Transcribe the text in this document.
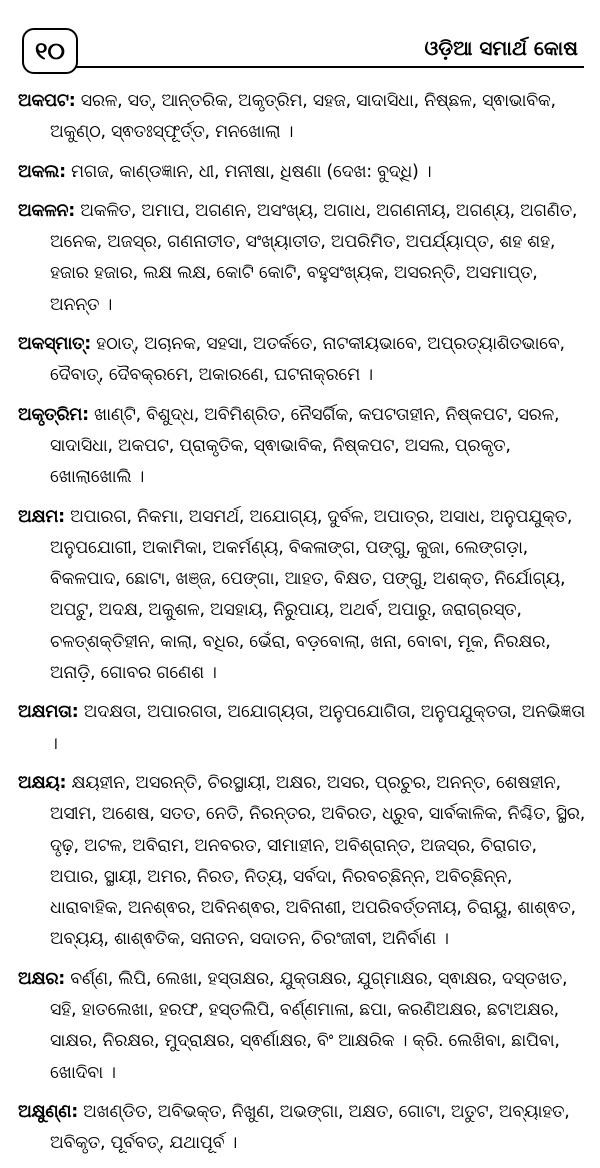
୧୦	ଓଡ଼ିଆ ସମାର୍ଥ କୋଷ

ଅକପଟ: ସରଳ, ସତ୍, ଆନ୍ତରିକ, ଅକୃତ୍ରିମ, ସହଜ, ସାଦାସିଧା, ନିଷ୍ଛଳ, ସ୍ଵାଭାବିକ, ଅକୁଣ୍ଠ, ସ୍ଵତଃସ୍ଫୂର୍ତ୍ତ, ମନଖୋଲା ।

ଅକଲ: ମଗଜ, କାଣ୍ଡଜ୍ଞାନ, ଧୀ, ମନୀଷା, ଧିଷଣା (ଦେଖ: ବୁଦ୍ଧି) ।

ଅକଳନ: ଅକଳିତ, ଅମାପ, ଅଗଣନ, ଅସଂଖ୍ୟ, ଅଗାଧ, ଅଗଣନୀୟ, ଅଗଣ୍ୟ, ଅଗଣିତ, ଅନେକ, ଅଜସ୍ର, ଗଣନାତୀତ, ସଂଖ୍ୟାତୀତ, ଅପରିମିତ, ଅପର୍ଯ୍ୟାପ୍ତ, ଶହ ଶହ, ହଜାର ହଜାର, ଲକ୍ଷ ଲକ୍ଷ, କୋଟି କୋଟି, ବହୁସଂଖ୍ୟକ, ଅସରନ୍ତି, ଅସମାପ୍ତ, ଅନନ୍ତ ।

ଅକସ୍ମାତ୍: ହଠାତ୍, ଅଚାନକ, ସହସା, ଅତର୍କତେ, ନାଟକୀୟଭାବେ, ଅପ୍ରତ୍ୟାଶିତଭାବେ, ଦୈବାତ୍, ଦୈବକ୍ରମେ, ଅକାରଣେ, ଘଟନାକ୍ରମେ ।

ଅକୃତ୍ରିମ: ଖାଣ୍ଟି, ବିଶୁଦ୍ଧ, ଅବିମିଶ୍ରିତ, ନୈସର୍ଗିକ, କପଟତାହୀନ, ନିଷ୍କପଟ, ସରଳ, ସାଦାସିଧା, ଅକପଟ, ପ୍ରାକୃତିକ, ସ୍ଵାଭାବିକ, ନିଷ୍କପଟ, ଅସଲ, ପ୍ରକୃତ, ଖୋଲାଖୋଲି ।

ଅକ୍ଷମ: ଅପାରଗ, ନିକମା, ଅସମର୍ଥ, ଅଯୋଗ୍ୟ, ଦୁର୍ବଳ, ଅପାତ୍ର, ଅସାଧ, ଅନୁପଯୁକ୍ତ, ଅନୁପଯୋଗୀ, ଅକାମିକା, ଅକର୍ମଣ୍ୟ, ବିକଳାଙ୍ଗ, ପଙ୍ଗୁ, କୁଜା, ଲେଙ୍ଗଡ଼ା, ବିକଳପାଦ, ଛୋଟା, ଖଞ୍ଜ, ପେଙ୍ଗା, ଆହତ, ବିକ୍ଷତ, ପଙ୍ଗୁ, ଅଶକ୍ତ, ନିର୍ଯୋଗ୍ୟ, ଅପଟୁ, ଅଦକ୍ଷ, ଅକୁଶଳ, ଅସହାୟ, ନିରୁପାୟ, ଅଥର୍ବ, ଅପାରୁ, ଜରାଗ୍ରସ୍ତ, ଚଳତ୍‌ଶକ୍ତିହୀନ, କାଲା, ବଧିର, ଭେଁରା, ବଡ଼ବୋଲା, ଖନା, ବୋବା, ମୂକ, ନିରକ୍ଷର, ଅନାଡ଼ି, ଗୋବର ଗଣେଶ ।

ଅକ୍ଷମତା: ଅଦକ୍ଷତା, ଅପାରଗତା, ଅଯୋଗ୍ୟତା, ଅନୁପଯୋଗିତା, ଅନୁପଯୁକ୍ତତା, ଅନଭିଜ୍ଞତା ।

ଅକ୍ଷୟ: କ୍ଷୟହୀନ, ଅସରନ୍ତି, ଚିରସ୍ଥାୟୀ, ଅକ୍ଷର, ଅସର, ପ୍ରଚୁର, ଅନନ୍ତ, ଶେଷହୀନ, ଅସୀମ, ଅଶେଷ, ସତତ, ନେତି, ନିରନ୍ତର, ଅବିରତ, ଧ୍ରୁବ, ସାର୍ବକାଳିକ, ନିଶ୍ଚିତ, ସ୍ଥିର, ଦୃଢ଼, ଅଟଳ, ଅବିରାମ, ଅନବରତ, ସୀମାହୀନ, ଅବିଶ୍ରାନ୍ତ, ଅଜସ୍ର, ଚିରାଗତ, ଅପାର, ସ୍ଥାୟୀ, ଅମର, ନିରତ, ନିତ୍ୟ, ସର୍ବଦା, ନିରବଚ୍ଛିନ୍ନ, ଅବିଚ୍ଛିନ୍ନ, ଧାରାବାହିକ, ଅନଶ୍ଵର, ଅବିନଶ୍ଵର, ଅବିନାଶୀ, ଅପରିବର୍ତ୍ତନୀୟ, ଚିରାୟୁ, ଶାଶ୍ଵତ, ଅବ୍ୟୟ, ଶାଶ୍ଵତିକ, ସନାତନ, ସଦାତନ, ଚିରଂଜୀବୀ, ଅନିର୍ବାଣ ।

ଅକ୍ଷର: ବର୍ଣ୍ଣ, ଲିପି, ଲେଖା, ହସ୍ତାକ୍ଷର, ଯୁକ୍ତାକ୍ଷର, ଯୁଗ୍ମାକ୍ଷର, ସ୍ଵାକ୍ଷର, ଦସ୍ତଖତ, ସହି, ହାତଲେଖା, ହରଫ, ହସ୍ତଲିପି, ବର୍ଣ୍ଣମାଳା, ଛପା, କରଣିଅକ୍ଷର, ଛଟାଅକ୍ଷର, ସାକ୍ଷର, ନିରକ୍ଷର, ମୁଦ୍ରାକ୍ଷର, ସ୍ଵର୍ଣାକ୍ଷର, ବିଂ ଆକ୍ଷରିକ । କ୍ରି. ଲେଖିବା, ଛାପିବା, ଖୋଦିବା ।

ଅକ୍ଷୁଣ୍ଣ: ଅଖଣ୍ଡିତ, ଅବିଭକ୍ତ, ନିଖୁଣ, ଅଭଙ୍ଗା, ଅକ୍ଷତ, ଗୋଟା, ଅତୁଟ, ଅବ୍ୟାହତ, ଅବିକୃତ, ପୂର୍ବବତ୍, ଯଥାପୂର୍ବ ।
